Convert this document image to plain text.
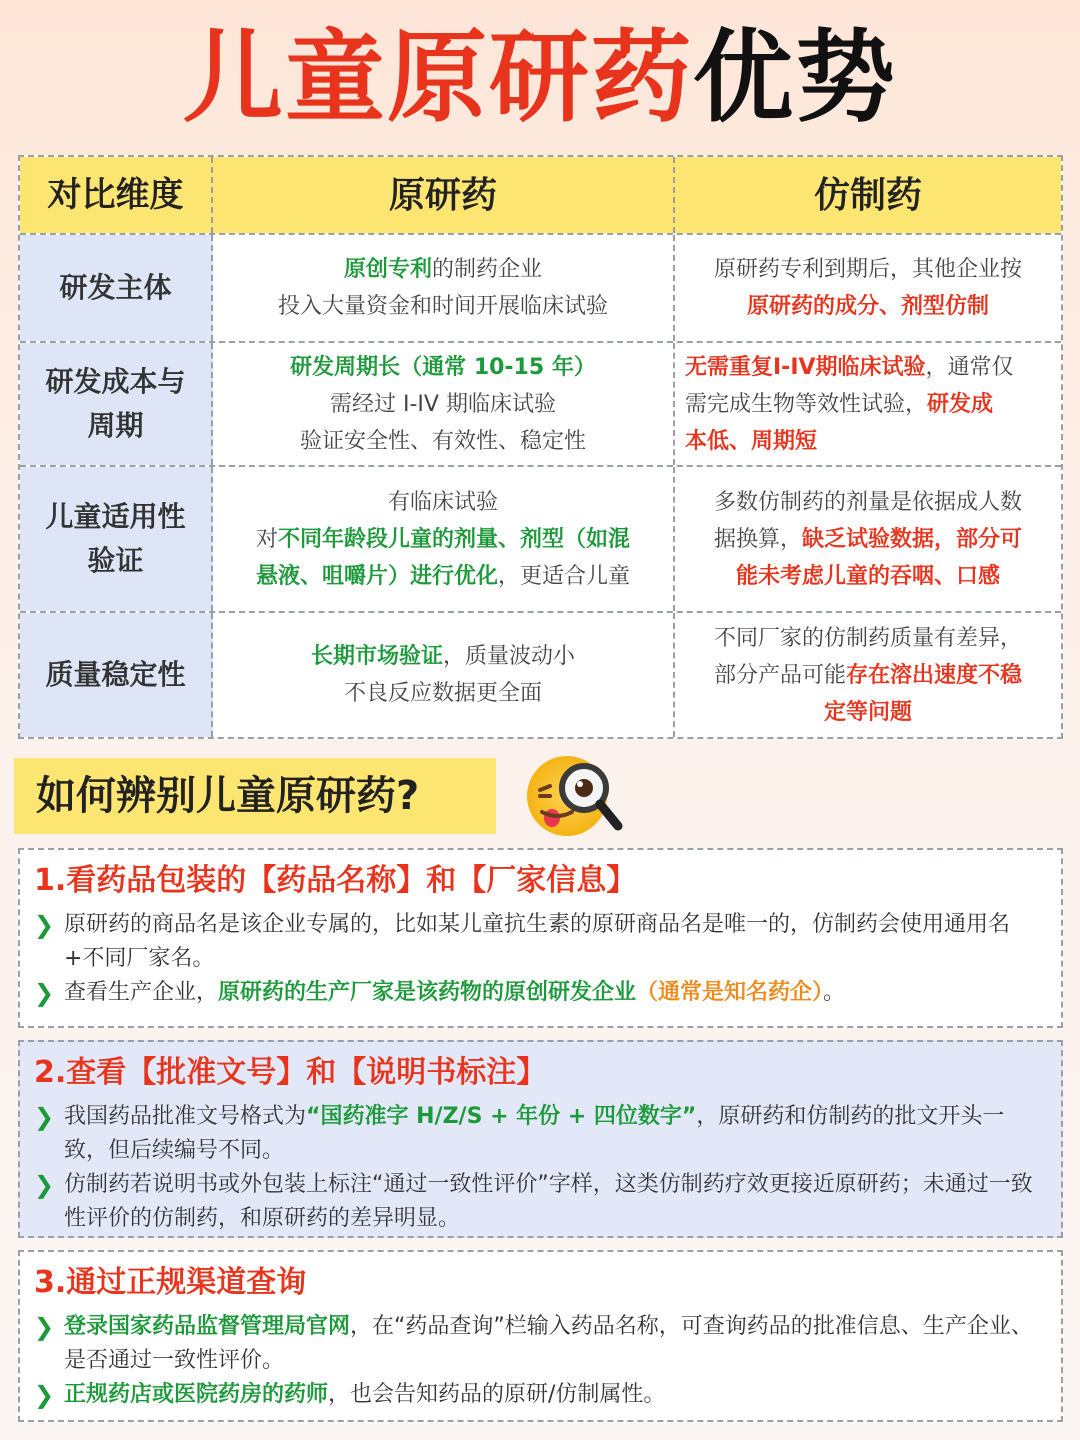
儿童原研药优势
对比维度	原研药	仿制药
研发主体
原创专利的制药企业
投入大量资金和时间开展临床试验
原研药专利到期后，其他企业按
原研药的成分、剂型仿制
研发成本与
周期
研发周期长（通常 10-15 年）
需经过 I-IV 期临床试验
验证安全性、有效性、稳定性
无需重复I-IV期临床试验，通常仅
需完成生物等效性试验，研发成
本低、周期短
儿童适用性
验证
有临床试验
对不同年龄段儿童的剂量、剂型（如混
悬液、咀嚼片）进行优化，更适合儿童
多数仿制药的剂量是依据成人数
据换算，缺乏试验数据，部分可
能未考虑儿童的吞咽、口感
质量稳定性
长期市场验证，质量波动小
不良反应数据更全面
不同厂家的仿制药质量有差异，
部分产品可能存在溶出速度不稳
定等问题
如何辨别儿童原研药?
1.看药品包装的【药品名称】和【厂家信息】
❯ 原研药的商品名是该企业专属的，比如某儿童抗生素的原研商品名是唯一的，仿制药会使用通用名+不同厂家名。
❯ 查看生产企业，原研药的生产厂家是该药物的原创研发企业（通常是知名药企）。
2.查看【批准文号】和【说明书标注】
❯ 我国药品批准文号格式为“国药准字 H/Z/S + 年份 + 四位数字”，原研药和仿制药的批文开头一致，但后续编号不同。
❯ 仿制药若说明书或外包装上标注“通过一致性评价”字样，这类仿制药疗效更接近原研药；未通过一致性评价的仿制药，和原研药的差异明显。
3.通过正规渠道查询
❯ 登录国家药品监督管理局官网，在“药品查询”栏输入药品名称，可查询药品的批准信息、生产企业、是否通过一致性评价。
❯ 正规药店或医院药房的药师，也会告知药品的原研/仿制属性。
